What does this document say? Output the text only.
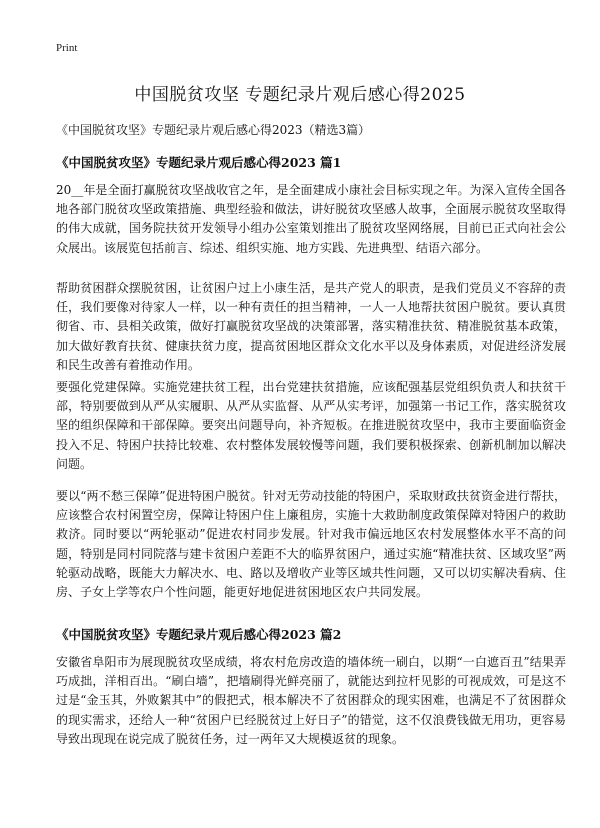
Print
中国脱贫攻坚 专题纪录片观后感心得2025

《中国脱贫攻坚》专题纪录片观后感心得2023（精选3篇）

《中国脱贫攻坚》专题纪录片观后感心得2023 篇1

20__年是全面打赢脱贫攻坚战收官之年，是全面建成小康社会目标实现之年。为深入宣传全国各地各部门脱贫攻坚政策措施、典型经验和做法，讲好脱贫攻坚感人故事，全面展示脱贫攻坚取得的伟大成就，国务院扶贫开发领导小组办公室策划推出了脱贫攻坚网络展，目前已正式向社会公众展出。该展览包括前言、综述、组织实施、地方实践、先进典型、结语六部分。

帮助贫困群众摆脱贫困，让贫困户过上小康生活，是共产党人的职责，是我们党员义不容辞的责任，我们要像对待家人一样，以一种有责任的担当精神，一人一人地帮扶贫困户脱贫。要认真贯彻省、市、县相关政策，做好打赢脱贫攻坚战的决策部署，落实精准扶贫、精准脱贫基本政策，加大做好教育扶贫、健康扶贫力度，提高贫困地区群众文化水平以及身体素质，对促进经济发展和民生改善有着推动作用。

要强化党建保障。实施党建扶贫工程，出台党建扶贫措施，应该配强基层党组织负责人和扶贫干部，特别要做到从严从实履职、从严从实监督、从严从实考评，加强第一书记工作，落实脱贫攻坚的组织保障和干部保障。要突出问题导向，补齐短板。在推进脱贫攻坚中，我市主要面临资金投入不足、特困户扶持比较难、农村整体发展较慢等问题，我们要积极探索、创新机制加以解决问题。

要以“两不愁三保障”促进特困户脱贫。针对无劳动技能的特困户，采取财政扶贫资金进行帮扶，应该整合农村闲置空房，保障让特困户住上廉租房，实施十大救助制度政策保障对特困户的救助救济。同时要以“两轮驱动”促进农村同步发展。针对我市偏远地区农村发展整体水平不高的问题，特别是同村同院落与建卡贫困户差距不大的临界贫困户，通过实施“精准扶贫、区域攻坚”两轮驱动战略，既能大力解决水、电、路以及增收产业等区域共性问题，又可以切实解决看病、住房、子女上学等农户个性问题，能更好地促进贫困地区农户共同发展。

《中国脱贫攻坚》专题纪录片观后感心得2023 篇2

安徽省阜阳市为展现脱贫攻坚成绩，将农村危房改造的墙体统一刷白，以期“一白遮百丑”结果弄巧成拙，洋相百出。“刷白墙”，把墙刷得光鲜亮丽了，就能达到拉杆见影的可视成效，可是这不过是“金玉其，外败絮其中”的假把式，根本解决不了贫困群众的现实困难，也满足不了贫困群众的现实需求，还给人一种“贫困户已经脱贫过上好日子”的错觉，这不仅浪费钱做无用功，更容易导致出现现在说完成了脱贫任务，过一两年又大规模返贫的现象。
